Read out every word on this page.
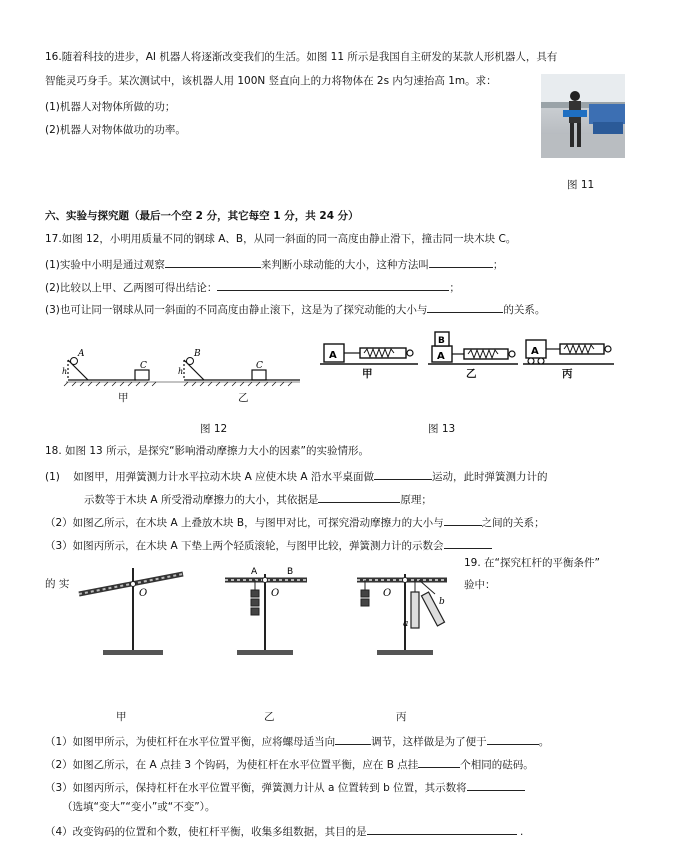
16.随着科技的进步，AI 机器人将逐渐改变我们的生活。如图 11 所示是我国自主研发的某款人形机器人，具有
智能灵巧身手。某次测试中，该机器人用 100N 竖直向上的力将物体在 2s 内匀速抬高 1m。求：
(1)机器人对物体所做的功；
(2)机器人对物体做功的功率。
图 11
六、实验与探究题（最后一个空 2 分，其它每空 1 分，共 24 分）
17.如图 12，小明用质量不同的钢球 A、B，从同一斜面的同一高度由静止滑下，撞击同一块木块 C。
(1)实验中小明是通过观察	来判断小球动能的大小，这种方法叫	；
(2)比较以上甲、乙两图可得出结论：	；
(3)也可让同一钢球从同一斜面的不同高度由静止滚下，这是为了探究动能的大小与	的关系。
A
h
C
B
h
C
甲	乙
图 12
A
B
A	A
甲	乙	丙
图 13
18. 如图 13 所示，是探究“影响滑动摩擦力大小的因素”的实验情形。
(1) 如图甲，用弹簧测力计水平拉动木块 A 应使木块 A 沿水平桌面做	运动，此时弹簧测力计的
示数等于木块 A 所受滑动摩擦力的大小，其依据是	原理；
（2）如图乙所示，在木块 A 上叠放木块 B，与图甲对比，可探究滑动摩擦力的大小与	之间的关系；
（3）如图丙所示，在木块 A 下垫上两个轻质滚轮，与图甲比较，弹簧测力计的示数会
19. 在“探究杠杆的平衡条件”
的 实	验中：
O
A	B
O	O
a
b
甲	乙	丙
（1）如图甲所示，为使杠杆在水平位置平衡，应将螺母适当向	调节，这样做是为了便于	。
（2）如图乙所示，在 A 点挂 3 个钩码，为使杠杆在水平位置平衡，应在 B 点挂	个相同的砝码。
（3）如图丙所示，保持杠杆在水平位置平衡，弹簧测力计从 a 位置转到 b 位置，其示数将
（选填“变大”“变小”或“不变”）。
（4）改变钩码的位置和个数，使杠杆平衡，收集多组数据，其目的是	.
